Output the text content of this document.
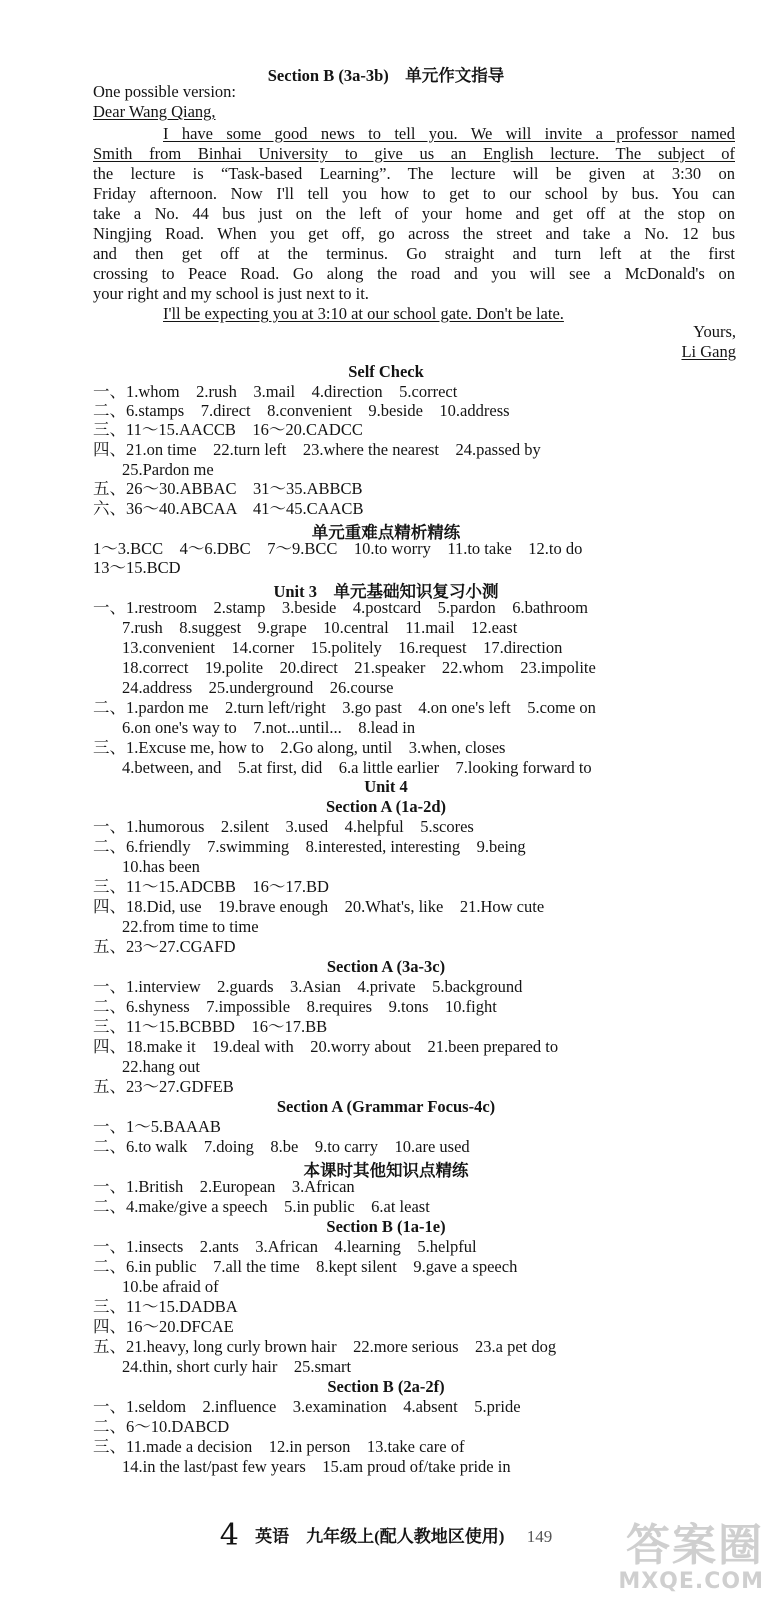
Section B (3a-3b)　单元作文指导
One possible version:
Dear Wang Qiang,
I have some good news to tell you. We will invite a professor named
Smith from Binhai University to give us an English lecture. The subject of
the lecture is “Task-based Learning”. The lecture will be given at 3:30 on
Friday afternoon. Now I'll tell you how to get to our school by bus. You can
take a No. 44 bus just on the left of your home and get off at the stop on
Ningjing Road. When you get off, go across the street and take a No. 12 bus
and then get off at the terminus. Go straight and turn left at the first
crossing to Peace Road. Go along the road and you will see a McDonald's on
your right and my school is just next to it.
I'll be expecting you at 3:10 at our school gate. Don't be late.
Yours,
Li Gang
Self Check
一、1.whom　2.rush　3.mail　4.direction　5.correct
二、6.stamps　7.direct　8.convenient　9.beside　10.address
三、11～15.AACCB　16～20.CADCC
四、21.on time　22.turn left　23.where the nearest　24.passed by
25.Pardon me
五、26～30.ABBAC　31～35.ABBCB
六、36～40.ABCAA　41～45.CAACB
单元重难点精析精练
1～3.BCC　4～6.DBC　7～9.BCC　10.to worry　11.to take　12.to do
13～15.BCD
Unit 3　单元基础知识复习小测
一、1.restroom　2.stamp　3.beside　4.postcard　5.pardon　6.bathroom
7.rush　8.suggest　9.grape　10.central　11.mail　12.east
13.convenient　14.corner　15.politely　16.request　17.direction
18.correct　19.polite　20.direct　21.speaker　22.whom　23.impolite
24.address　25.underground　26.course
二、1.pardon me　2.turn left/right　3.go past　4.on one's left　5.come on
6.on one's way to　7.not...until...　8.lead in
三、1.Excuse me, how to　2.Go along, until　3.when, closes
4.between, and　5.at first, did　6.a little earlier　7.looking forward to
Unit 4
Section A (1a-2d)
一、1.humorous　2.silent　3.used　4.helpful　5.scores
二、6.friendly　7.swimming　8.interested, interesting　9.being
10.has been
三、11～15.ADCBB　16～17.BD
四、18.Did, use　19.brave enough　20.What's, like　21.How cute
22.from time to time
五、23～27.CGAFD
Section A (3a-3c)
一、1.interview　2.guards　3.Asian　4.private　5.background
二、6.shyness　7.impossible　8.requires　9.tons　10.fight
三、11～15.BCBBD　16～17.BB
四、18.make it　19.deal with　20.worry about　21.been prepared to
22.hang out
五、23～27.GDFEB
Section A (Grammar Focus-4c)
一、1～5.BAAAB
二、6.to walk　7.doing　8.be　9.to carry　10.are used
本课时其他知识点精练
一、1.British　2.European　3.African
二、4.make/give a speech　5.in public　6.at least
Section B (1a-1e)
一、1.insects　2.ants　3.African　4.learning　5.helpful
二、6.in public　7.all the time　8.kept silent　9.gave a speech
10.be afraid of
三、11～15.DADBA
四、16～20.DFCAE
五、21.heavy, long curly brown hair　22.more serious　23.a pet dog
24.thin, short curly hair　25.smart
Section B (2a-2f)
一、1.seldom　2.influence　3.examination　4.absent　5.pride
二、6～10.DABCD
三、11.made a decision　12.in person　13.take care of
14.in the last/past few years　15.am proud of/take pride in
4 英语　九年级上(配人教地区使用) 149	答案圈
MXQE.COM
